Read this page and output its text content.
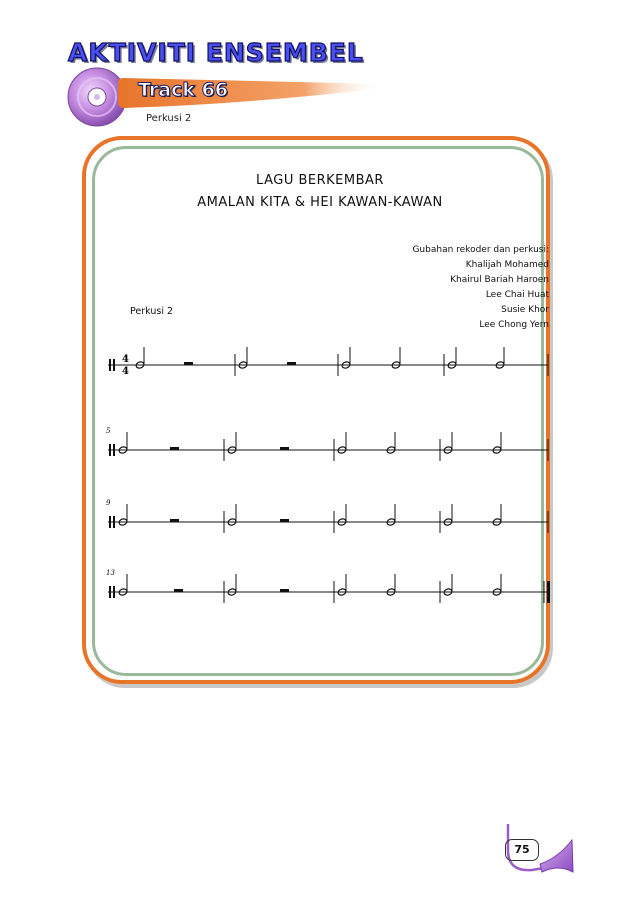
AKTIVITI ENSEMBEL
Track 66
Perkusi 2
LAGU BERKEMBAR
AMALAN KITA & HEI KAWAN-KAWAN
Gubahan rekoder dan perkusi:
Khalijah Mohamed
Khairul Bariah Haroen
Lee Chai Huat
Susie Khor
Lee Chong Yern
Perkusi 2
4
4
5
9
13
75
